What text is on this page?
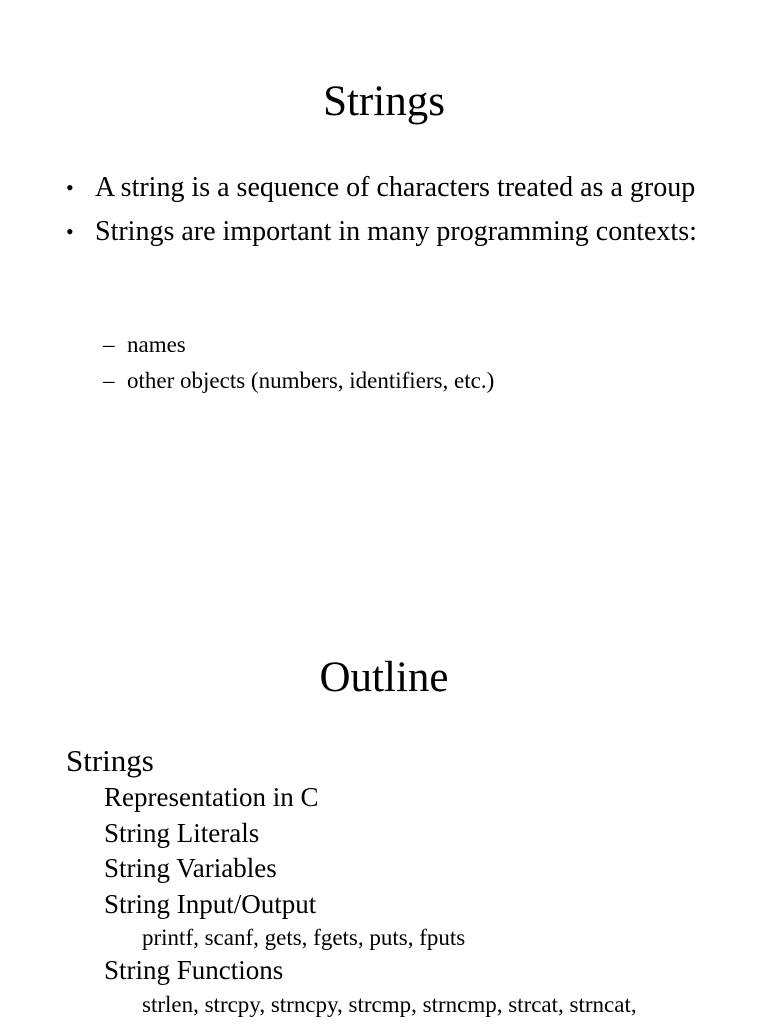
Strings
• A string is a sequence of characters treated as a group
• Strings are important in many programming contexts:
– names
– other objects (numbers, identifiers, etc.)
Outline

Strings

Representation in C

String Literals

String Variables

String Input/Output

printf, scanf, gets, fgets, puts, fputs

String Functions

strlen, strcpy, strncpy, strcmp, strncmp, strcat, strncat,
